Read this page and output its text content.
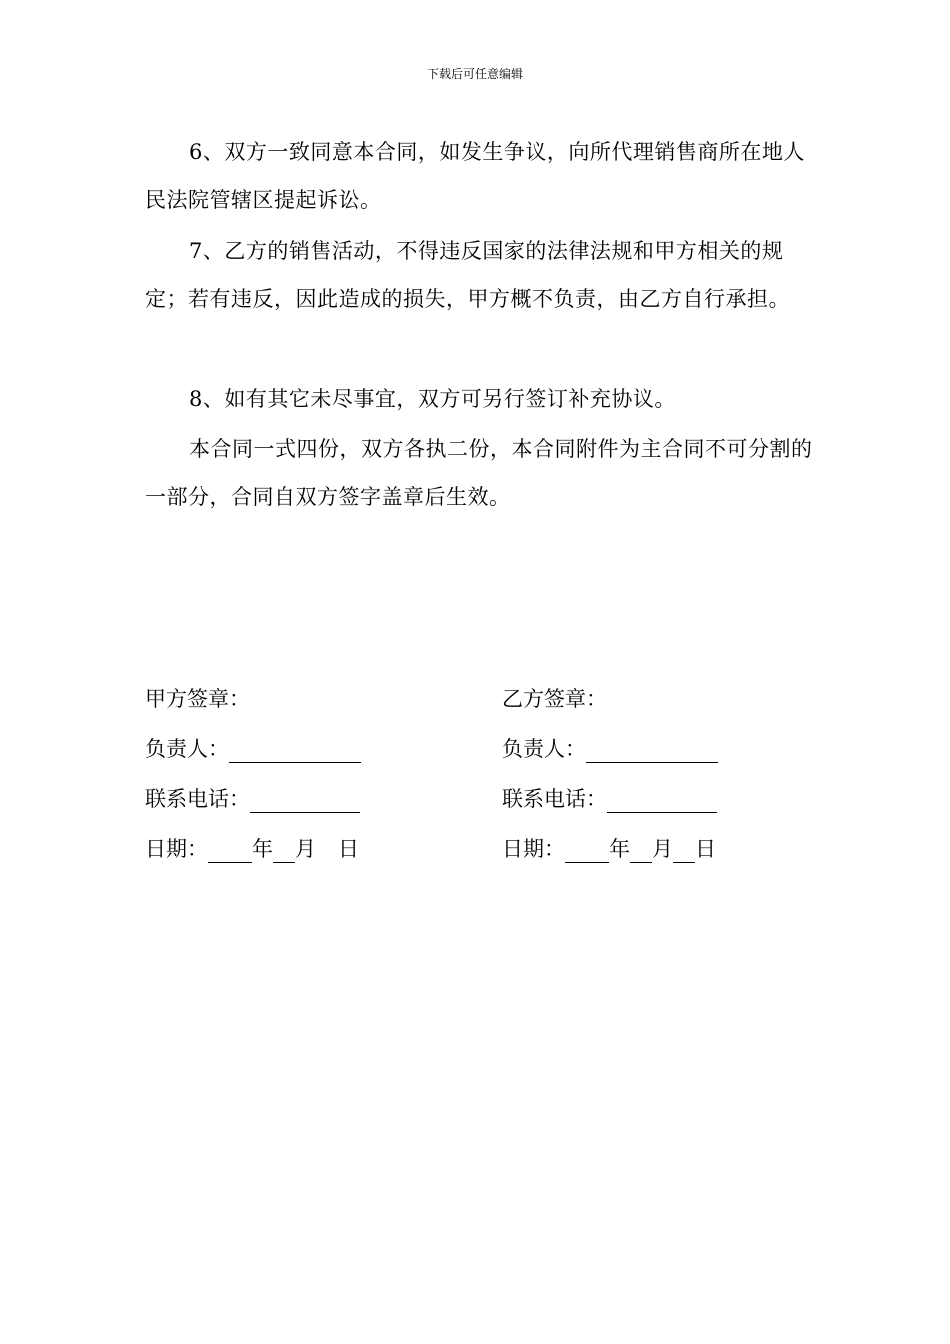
下载后可任意编辑

6、双方一致同意本合同，如发生争议，向所代理销售商所在地人民法院管辖区提起诉讼。

7、乙方的销售活动，不得违反国家的法律法规和甲方相关的规定；若有违反，因此造成的损失，甲方概不负责，由乙方自行承担。

8、如有其它未尽事宜，双方可另行签订补充协议。

本合同一式四份，双方各执二份，本合同附件为主合同不可分割的一部分，合同自双方签字盖章后生效。

甲方签章：
负责人：
联系电话：
日期： 年 月 日
乙方签章：
负责人：
联系电话：
日期： 年 月 日
